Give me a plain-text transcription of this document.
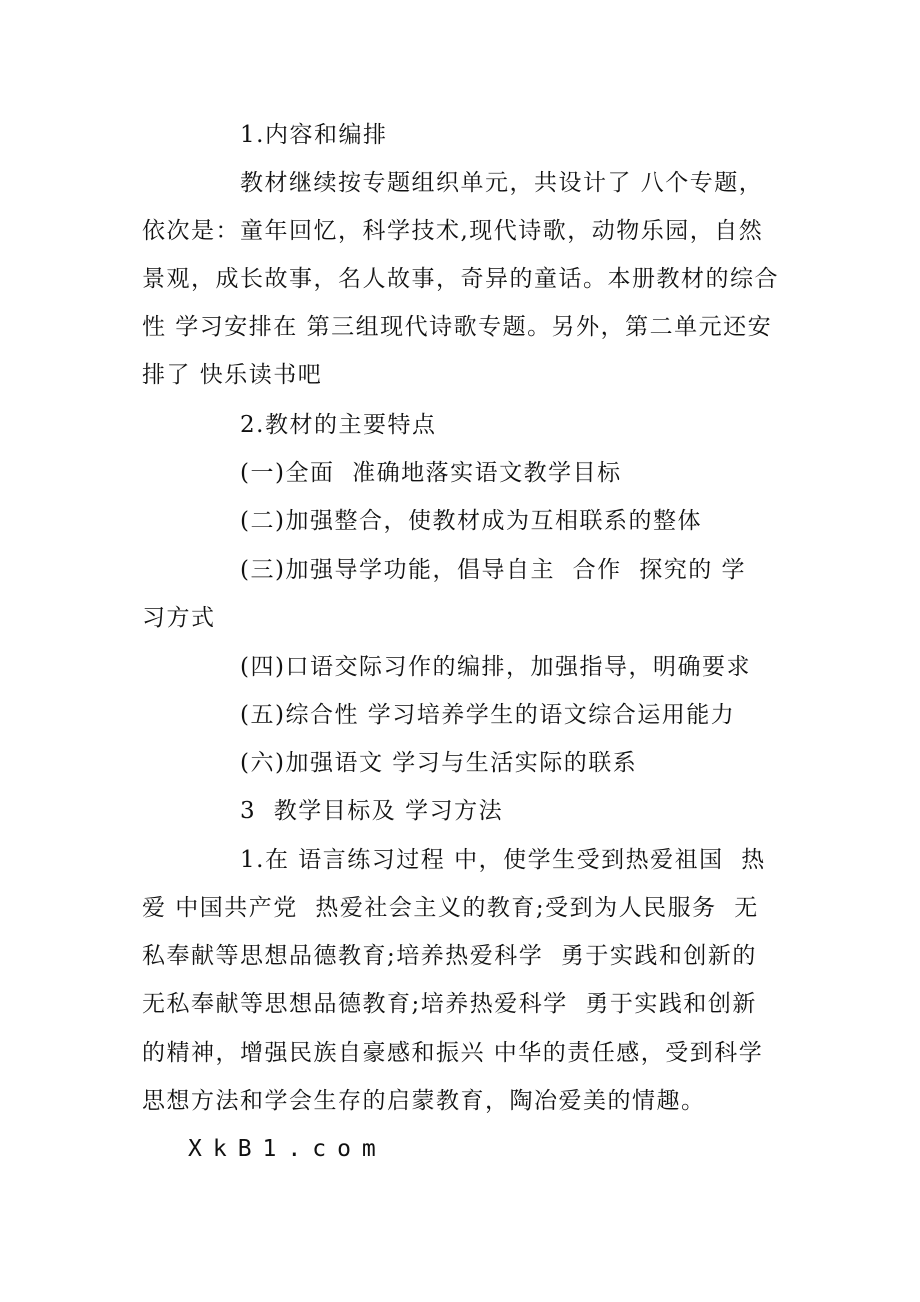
1.内容和编排
教材继续按专题组织单元，共设计了 八个专题，
依次是：童年回忆，科学技术,现代诗歌，动物乐园，自然
景观，成长故事，名人故事，奇异的童话。本册教材的综合
性 学习安排在 第三组现代诗歌专题。另外，第二单元还安
排了 快乐读书吧
2.教材的主要特点
(一)全面  准确地落实语文教学目标
(二)加强整合，使教材成为互相联系的整体
(三)加强导学功能，倡导自主  合作  探究的 学
习方式
(四)口语交际习作的编排，加强指导，明确要求
(五)综合性 学习培养学生的语文综合运用能力
(六)加强语文 学习与生活实际的联系
3  教学目标及 学习方法
1.在 语言练习过程 中，使学生受到热爱祖国  热
爱 中国共产党  热爱社会主义的教育;受到为人民服务  无
私奉献等思想品德教育;培养热爱科学  勇于实践和创新的
无私奉献等思想品德教育;培养热爱科学  勇于实践和创新
的精神，增强民族自豪感和振兴 中华的责任感，受到科学
思想方法和学会生存的启蒙教育，陶冶爱美的情趣。
XkB1.com
